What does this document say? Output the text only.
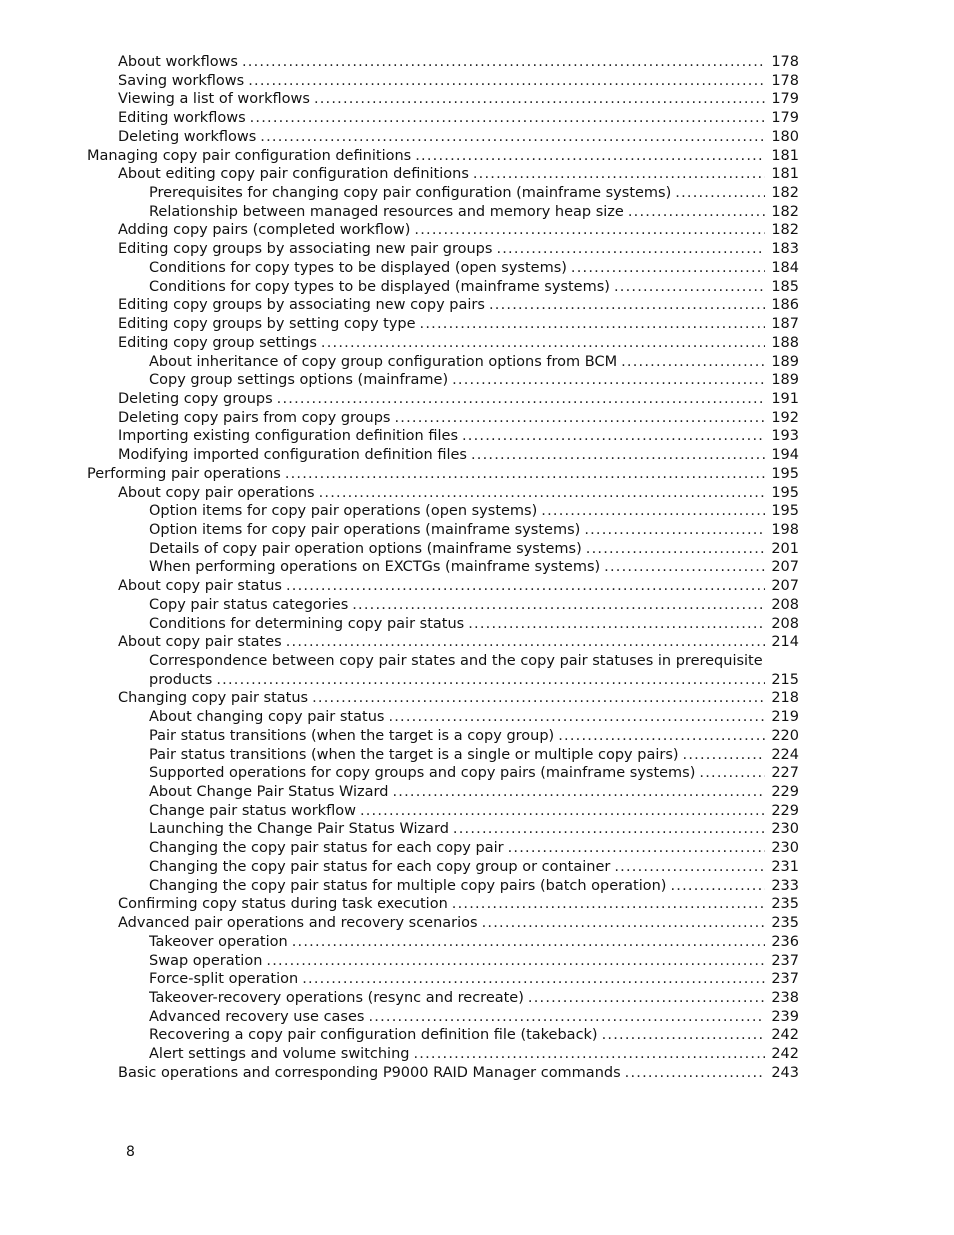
About workflows .....	178
Saving workflows .....	178
Viewing a list of workflows .....	179
Editing workflows .....	179
Deleting workflows .....	180
Managing copy pair configuration definitions .....	181
About editing copy pair configuration definitions .....	181
Prerequisites for changing copy pair configuration (mainframe systems) .....	182
Relationship between managed resources and memory heap size .....	182
Adding copy pairs (completed workflow) .....	182
Editing copy groups by associating new pair groups .....	183
Conditions for copy types to be displayed (open systems) .....	184
Conditions for copy types to be displayed (mainframe systems) .....	185
Editing copy groups by associating new copy pairs .....	186
Editing copy groups by setting copy type .....	187
Editing copy group settings .....	188
About inheritance of copy group configuration options from BCM .....	189
Copy group settings options (mainframe) .....	189
Deleting copy groups .....	191
Deleting copy pairs from copy groups .....	192
Importing existing configuration definition files .....	193
Modifying imported configuration definition files .....	194
Performing pair operations .....	195
About copy pair operations .....	195
Option items for copy pair operations (open systems) .....	195
Option items for copy pair operations (mainframe systems) .....	198
Details of copy pair operation options (mainframe systems) .....	201
When performing operations on EXCTGs (mainframe systems) .....	207
About copy pair status .....	207
Copy pair status categories .....	208
Conditions for determining copy pair status .....	208
About copy pair states .....	214
Correspondence between copy pair states and the copy pair statuses in prerequisite
products .....	215
Changing copy pair status .....	218
About changing copy pair status .....	219
Pair status transitions (when the target is a copy group) .....	220
Pair status transitions (when the target is a single or multiple copy pairs) .....	224
Supported operations for copy groups and copy pairs (mainframe systems) .....	227
About Change Pair Status Wizard .....	229
Change pair status workflow .....	229
Launching the Change Pair Status Wizard .....	230
Changing the copy pair status for each copy pair .....	230
Changing the copy pair status for each copy group or container .....	231
Changing the copy pair status for multiple copy pairs (batch operation) .....	233
Confirming copy status during task execution .....	235
Advanced pair operations and recovery scenarios .....	235
Takeover operation .....	236
Swap operation .....	237
Force-split operation .....	237
Takeover-recovery operations (resync and recreate) .....	238
Advanced recovery use cases .....	239
Recovering a copy pair configuration definition file (takeback) .....	242
Alert settings and volume switching .....	242
Basic operations and corresponding P9000 RAID Manager commands .....	243
8
